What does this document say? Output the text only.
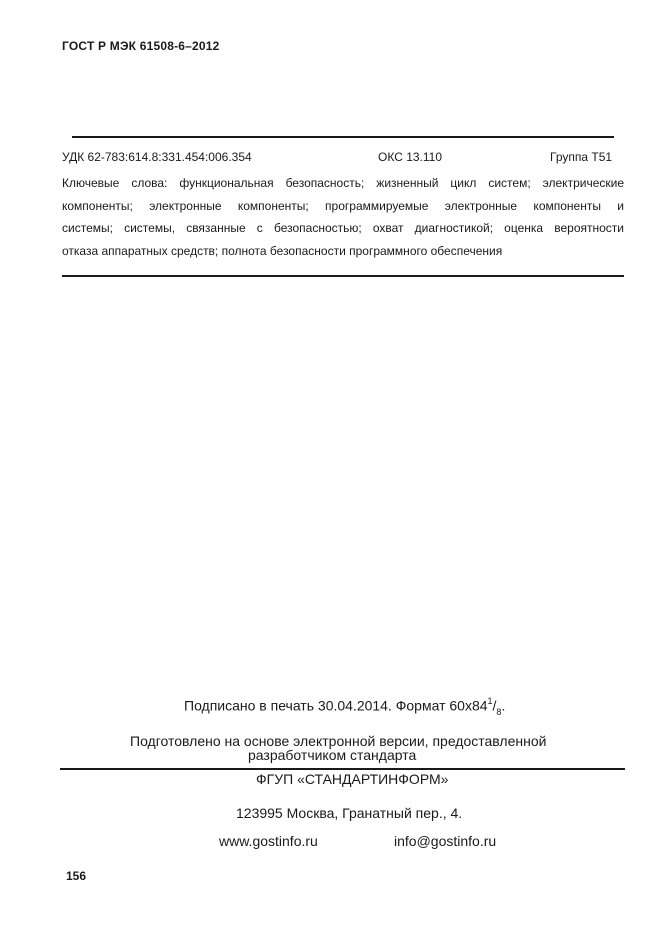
ГОСТ Р МЭК 61508-6–2012
УДК 62-783:614.8:331.454:006.354	ОКС 13.110	Группа Т51
Ключевые слова: функциональная безопасность; жизненный цикл систем; электрические
компоненты; электронные компоненты; программируемые электронные компоненты и
системы; системы, связанные с безопасностью; охват диагностикой; оценка вероятности
отказа аппаратных средств; полнота безопасности программного обеспечения
Подписано в печать 30.04.2014. Формат $60х84^1/_8$.
Подготовлено на основе электронной версии, предоставленной
разработчиком стандарта
ФГУП «СТАНДАРТИНФОРМ»
123995 Москва, Гранатный пер., 4.
www.gostinfo.ru	info@gostinfo.ru
156
